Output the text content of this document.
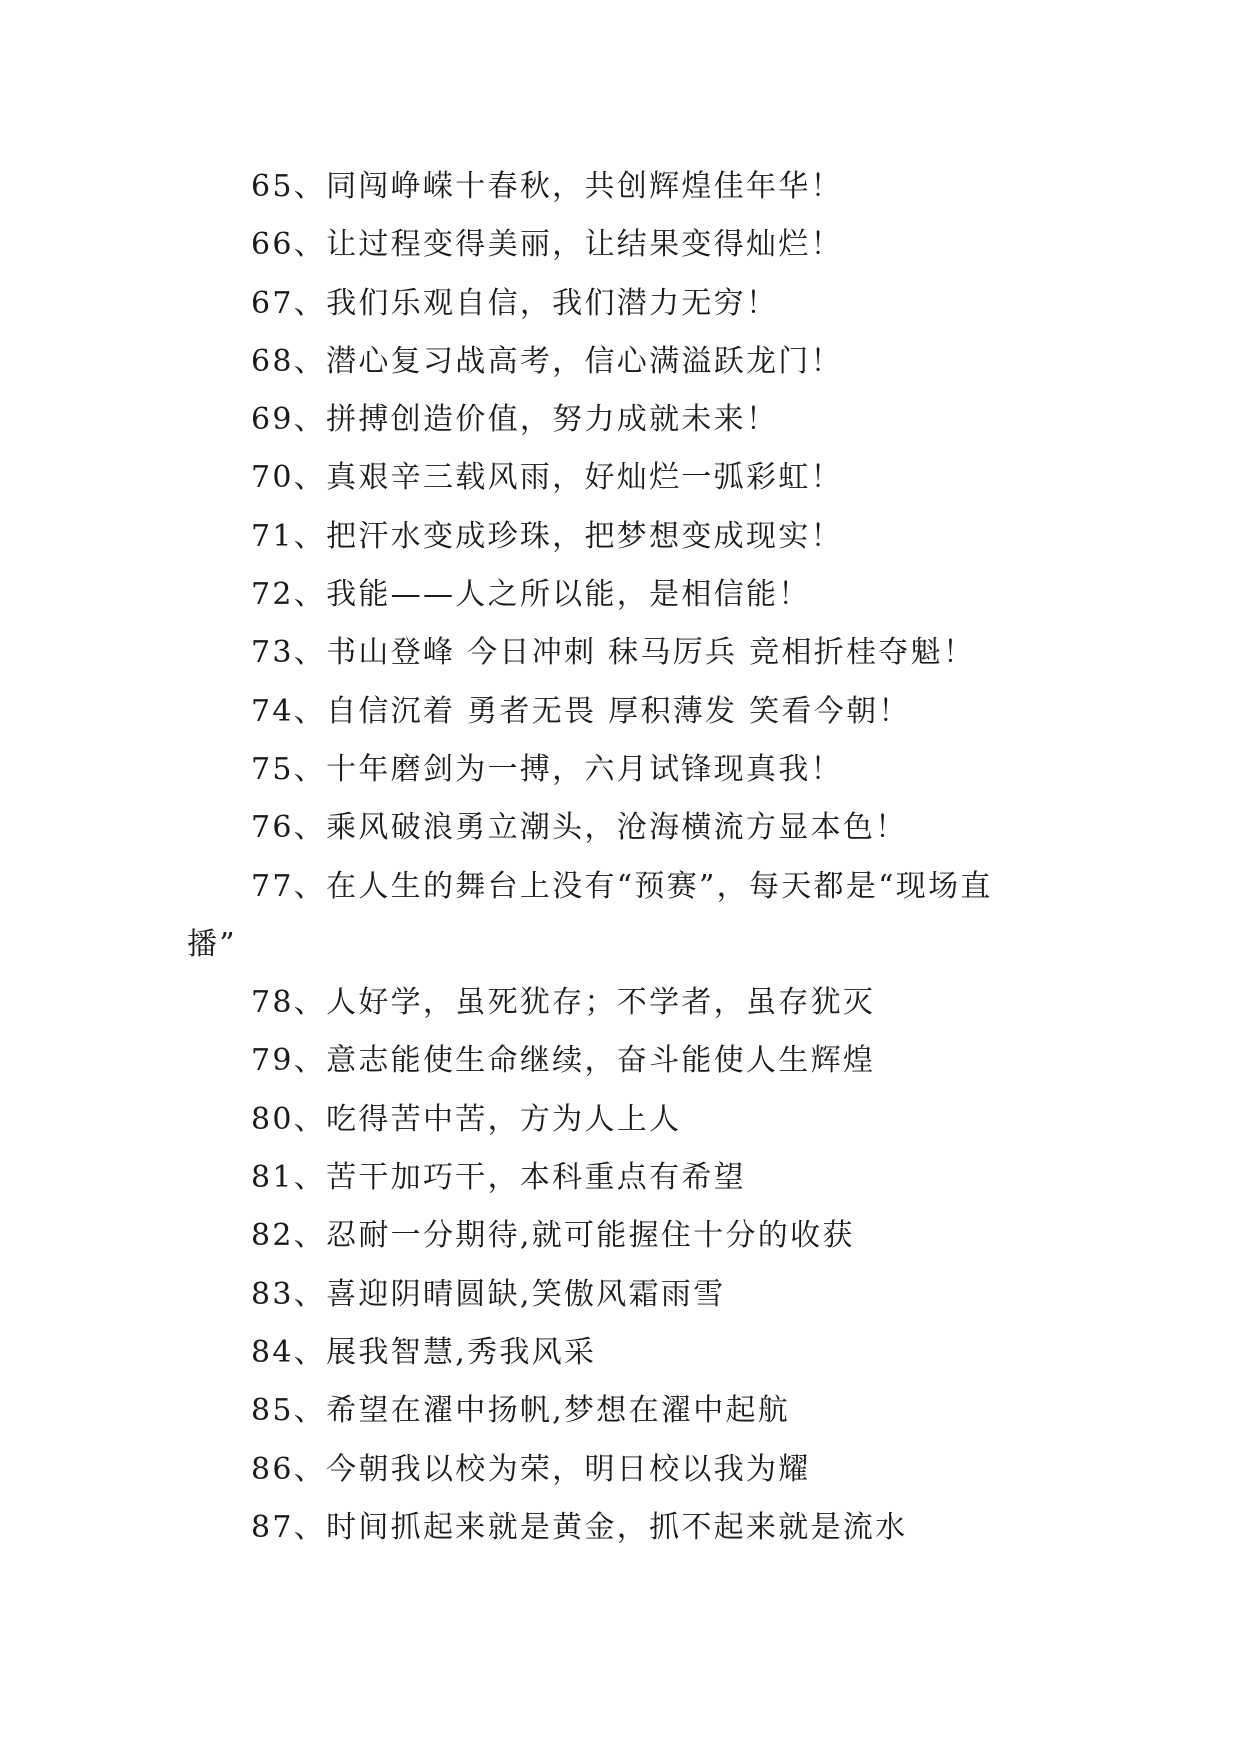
65、同闯峥嵘十春秋，共创辉煌佳年华！
66、让过程变得美丽，让结果变得灿烂！
67、我们乐观自信，我们潜力无穷！
68、潜心复习战高考，信心满溢跃龙门！
69、拼搏创造价值，努力成就未来！
70、真艰辛三载风雨，好灿烂一弧彩虹！
71、把汗水变成珍珠，把梦想变成现实！
72、我能——人之所以能，是相信能！
73、书山登峰 今日冲刺 秣马厉兵 竞相折桂夺魁！
74、自信沉着 勇者无畏 厚积薄发 笑看今朝！
75、十年磨剑为一搏，六月试锋现真我！
76、乘风破浪勇立潮头，沧海横流方显本色！
77、在人生的舞台上没有“预赛”，每天都是“现场直
播”
78、人好学，虽死犹存；不学者，虽存犹灭
79、意志能使生命继续，奋斗能使人生辉煌
80、吃得苦中苦，方为人上人
81、苦干加巧干，本科重点有希望
82、忍耐一分期待,就可能握住十分的收获
83、喜迎阴晴圆缺,笑傲风霜雨雪
84、展我智慧,秀我风采
85、希望在濯中扬帆,梦想在濯中起航
86、今朝我以校为荣，明日校以我为耀
87、时间抓起来就是黄金，抓不起来就是流水
